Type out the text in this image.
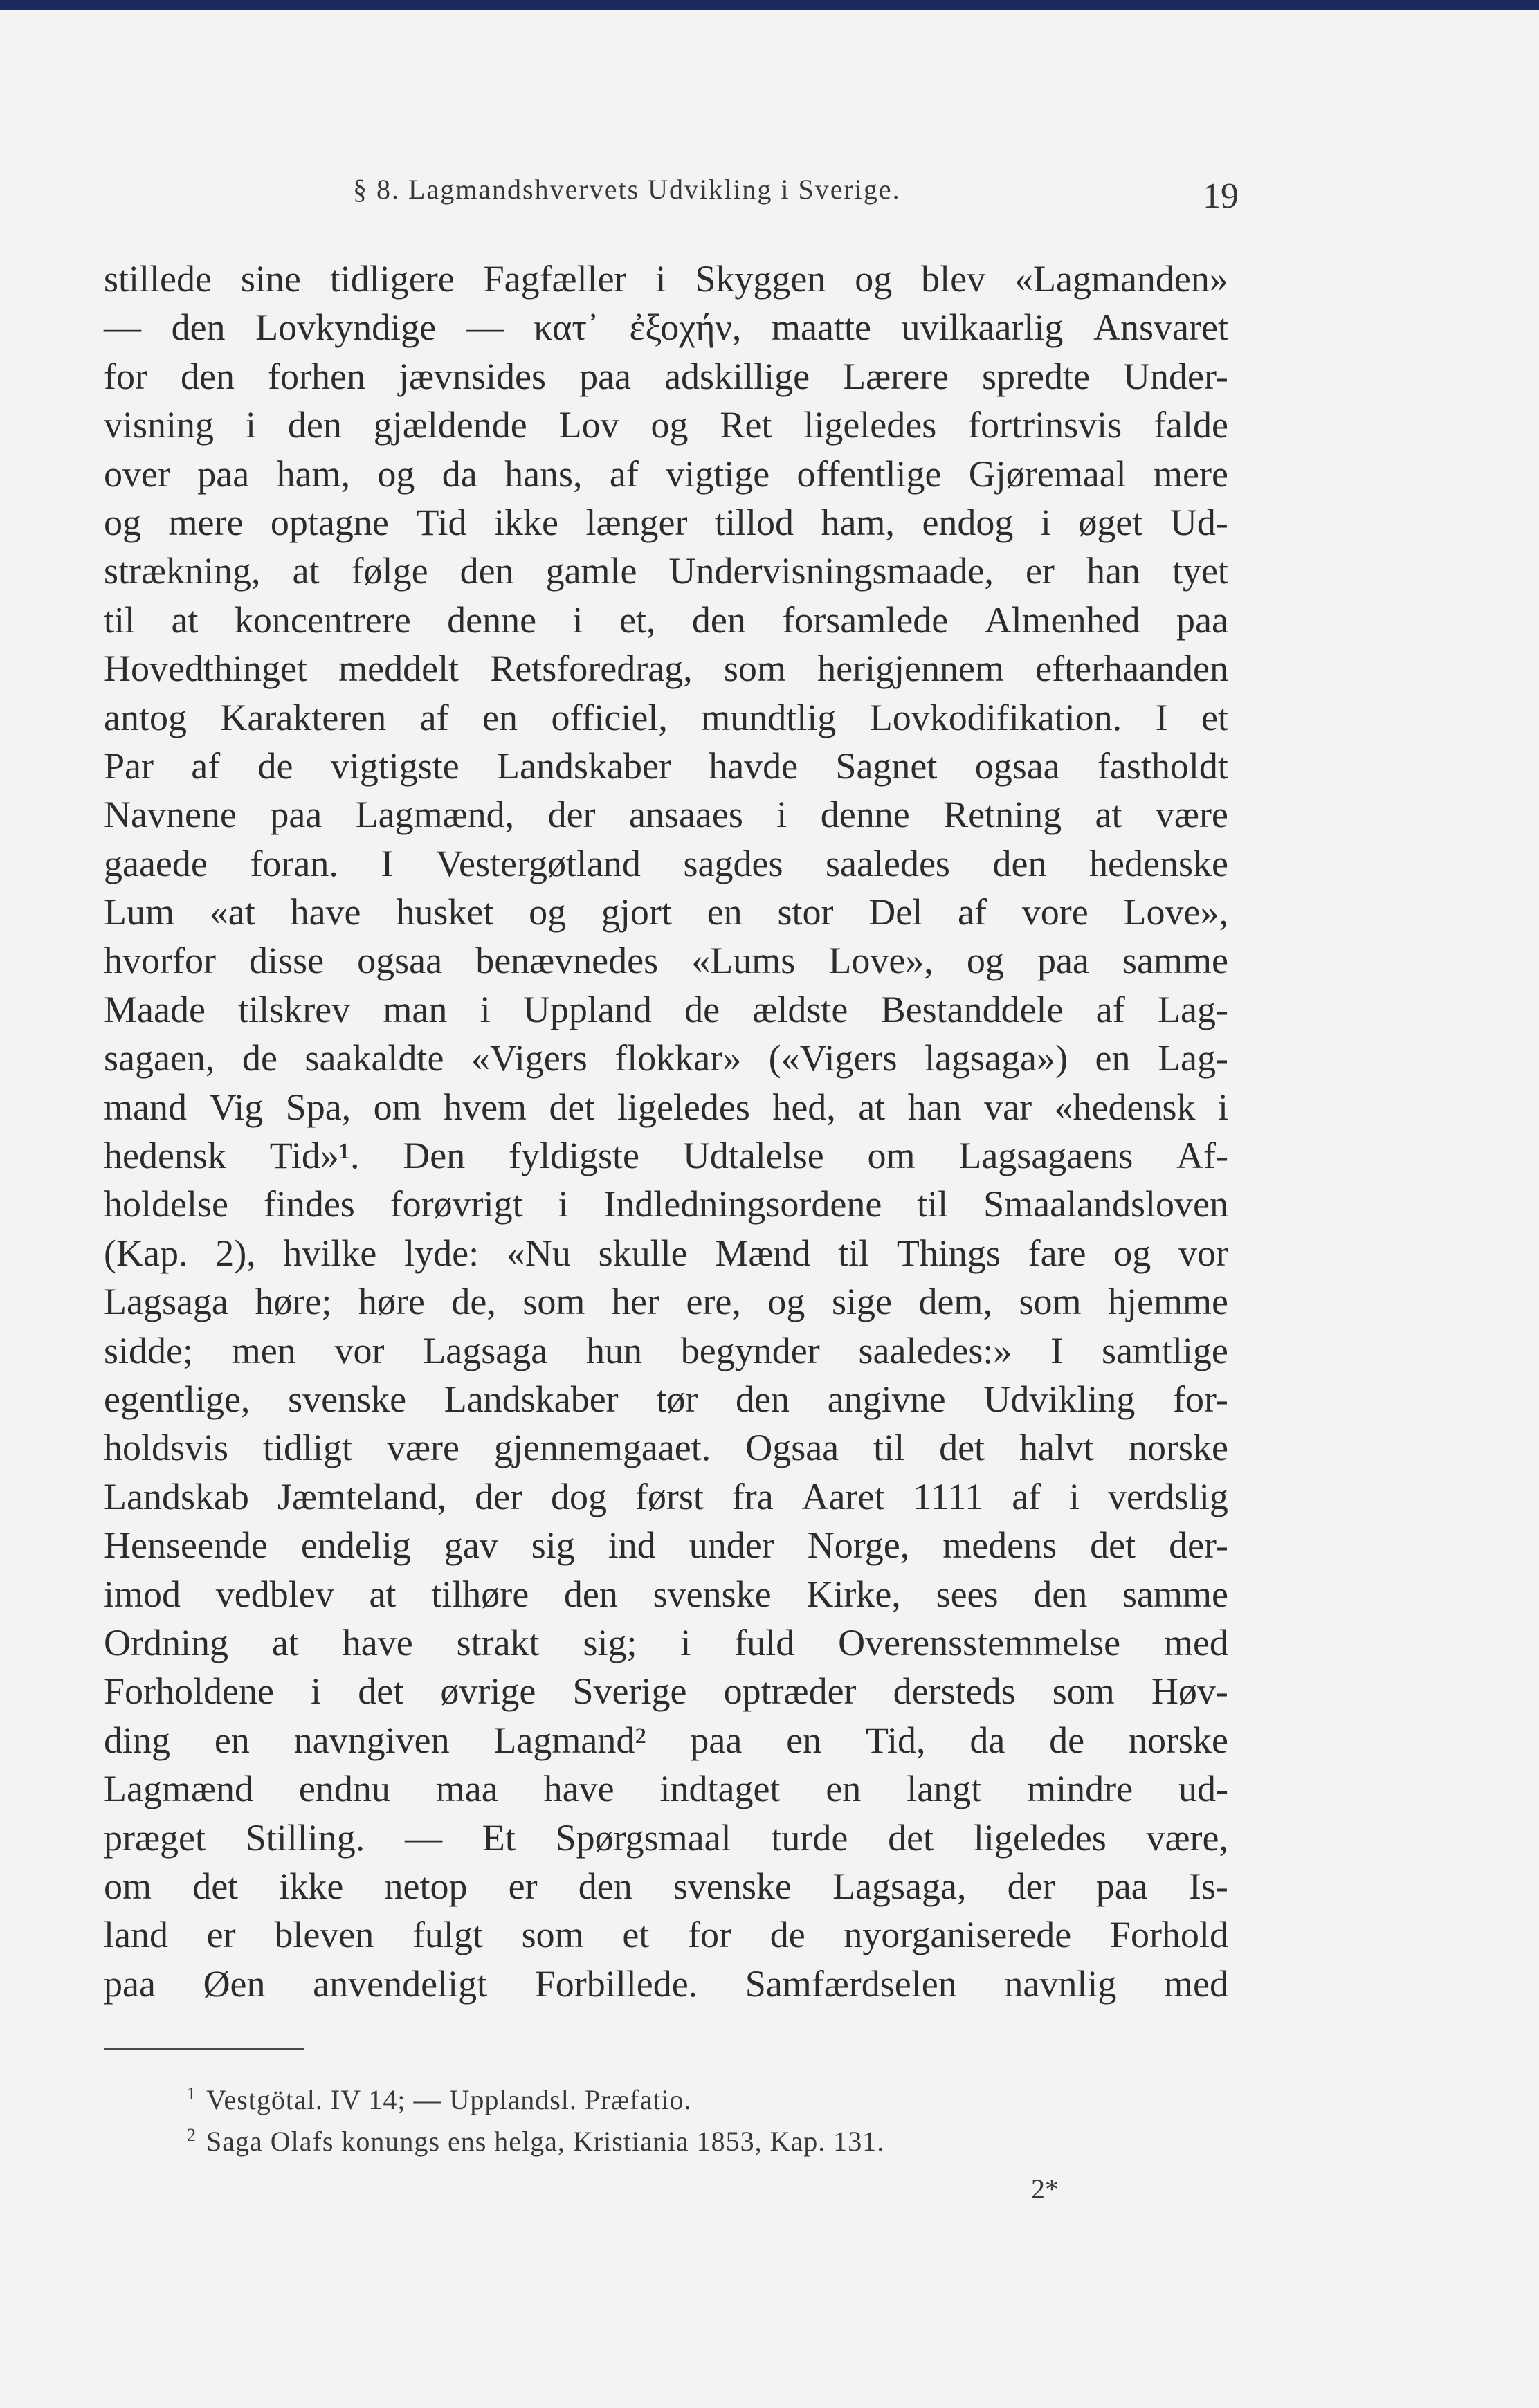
§ 8. Lagmandshvervets Udvikling i Sverige.	19
stillede sine tidligere Fagfæller i Skyggen og blev «Lagmanden»
— den Lovkyndige — κατ᾽ ἐξοχήν, maatte uvilkaarlig Ansvaret
for den forhen jævnsides paa adskillige Lærere spredte Under-
visning i den gjældende Lov og Ret ligeledes fortrinsvis falde
over paa ham, og da hans, af vigtige offentlige Gjøremaal mere
og mere optagne Tid ikke længer tillod ham, endog i øget Ud-
strækning, at følge den gamle Undervisningsmaade, er han tyet
til at koncentrere denne i et, den forsamlede Almenhed paa
Hovedthinget meddelt Retsforedrag, som herigjennem efterhaanden
antog Karakteren af en officiel, mundtlig Lovkodifikation. I et
Par af de vigtigste Landskaber havde Sagnet ogsaa fastholdt
Navnene paa Lagmænd, der ansaaes i denne Retning at være
gaaede foran. I Vestergøtland sagdes saaledes den hedenske
Lum «at have husket og gjort en stor Del af vore Love»,
hvorfor disse ogsaa benævnedes «Lums Love», og paa samme
Maade tilskrev man i Uppland de ældste Bestanddele af Lag-
sagaen, de saakaldte «Vigers flokkar» («Vigers lagsaga») en Lag-
mand Vig Spa, om hvem det ligeledes hed, at han var «hedensk i
hedensk Tid»¹. Den fyldigste Udtalelse om Lagsagaens Af-
holdelse findes forøvrigt i Indledningsordene til Smaalandsloven
(Kap. 2), hvilke lyde: «Nu skulle Mænd til Things fare og vor
Lagsaga høre; høre de, som her ere, og sige dem, som hjemme
sidde; men vor Lagsaga hun begynder saaledes:» I samtlige
egentlige, svenske Landskaber tør den angivne Udvikling for-
holdsvis tidligt være gjennemgaaet. Ogsaa til det halvt norske
Landskab Jæmteland, der dog først fra Aaret 1111 af i verdslig
Henseende endelig gav sig ind under Norge, medens det der-
imod vedblev at tilhøre den svenske Kirke, sees den samme
Ordning at have strakt sig; i fuld Overensstemmelse med
Forholdene i det øvrige Sverige optræder dersteds som Høv-
ding en navngiven Lagmand² paa en Tid, da de norske
Lagmænd endnu maa have indtaget en langt mindre ud-
præget Stilling. — Et Spørgsmaal turde det ligeledes være,
om det ikke netop er den svenske Lagsaga, der paa Is-
land er bleven fulgt som et for de nyorganiserede Forhold
paa Øen anvendeligt Forbillede. Samfærdselen navnlig med
$^1$ Vestgötal. IV 14; — Upplandsl. Præfatio.
$^2$ Saga Olafs konungs ens helga, Kristiania 1853, Kap. 131.
2*
